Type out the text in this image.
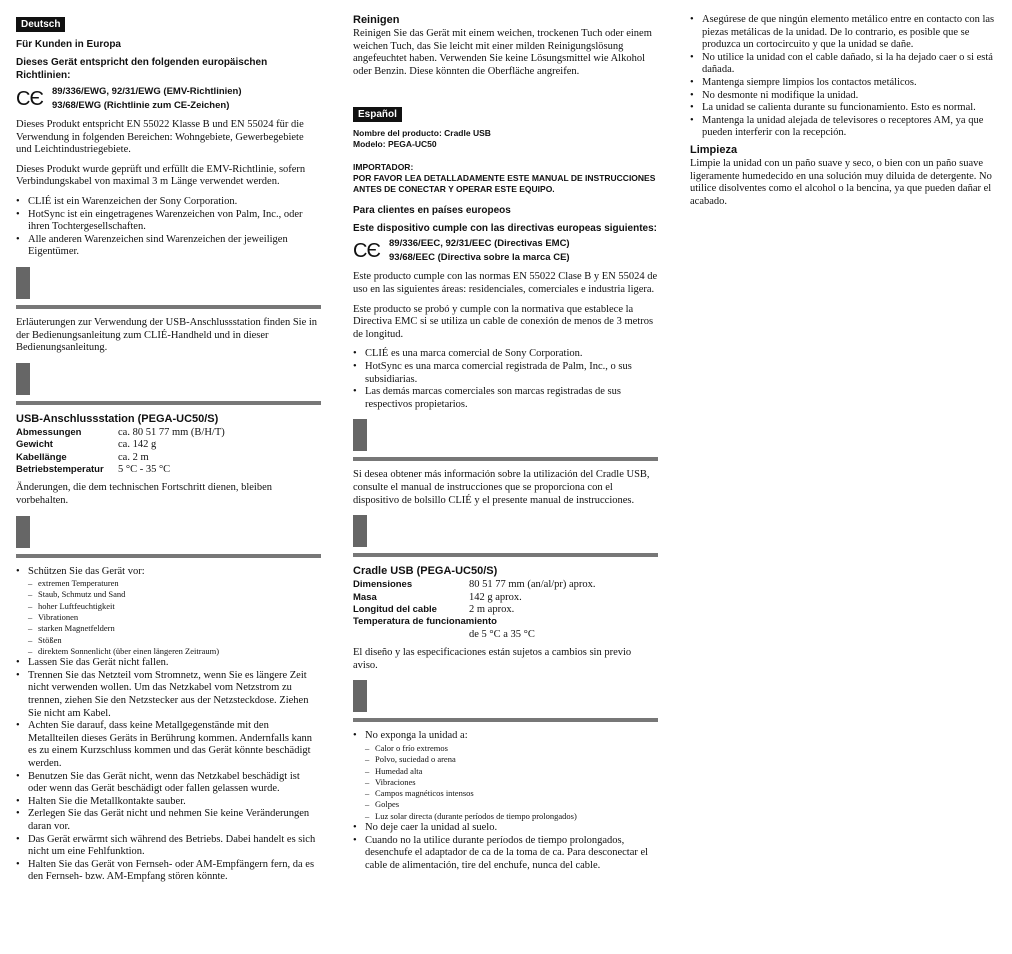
Deutsch
Für Kunden in Europa
Dieses Gerät entspricht den folgenden europäischen Richtlinien:
CЄ 89/336/EWG, 92/31/EWG (EMV-Richtlinien)
93/68/EWG (Richtlinie zum CE-Zeichen)

Dieses Produkt entspricht EN 55022 Klasse B und EN 55024 für die Verwendung in folgenden Bereichen: Wohngebiete, Gewerbegebiete und Leichtindustriegebiete.

Dieses Produkt wurde geprüft und erfüllt die EMV-Richtlinie, sofern Verbindungskabel von maximal 3 m Länge verwendet werden.

• CLIÉ ist ein Warenzeichen der Sony Corporation.
• HotSync ist ein eingetragenes Warenzeichen von Palm, Inc., oder ihren Tochtergesellschaften.
• Alle anderen Warenzeichen sind Warenzeichen der jeweiligen Eigentümer.

Erläuterungen zur Verwendung der USB-Anschlussstation finden Sie in der Bedienungsanleitung zum CLIÉ-Handheld und in dieser Bedienungsanleitung.

USB-Anschlussstation (PEGA-UC50/S)
Abmessungen	ca. 80 51 77 mm (B/H/T)
Gewicht	ca. 142 g
Kabellänge	ca. 2 m
Betriebstemperatur	5 °C - 35 °C

Änderungen, die dem technischen Fortschritt dienen, bleiben vorbehalten.

• Schützen Sie das Gerät vor:
– extremen Temperaturen
– Staub, Schmutz und Sand
– hoher Luftfeuchtigkeit
– Vibrationen
– starken Magnetfeldern
– Stößen
– direktem Sonnenlicht (über einen längeren Zeitraum)
• Lassen Sie das Gerät nicht fallen.
• Trennen Sie das Netzteil vom Stromnetz, wenn Sie es längere Zeit nicht verwenden wollen. Um das Netzkabel vom Netzstrom zu trennen, ziehen Sie den Netzstecker aus der Netzsteckdose. Ziehen Sie nicht am Kabel.
• Achten Sie darauf, dass keine Metallgegenstände mit den Metallteilen dieses Geräts in Berührung kommen. Andernfalls kann es zu einem Kurzschluss kommen und das Gerät könnte beschädigt werden.
• Benutzen Sie das Gerät nicht, wenn das Netzkabel beschädigt ist oder wenn das Gerät beschädigt oder fallen gelassen wurde.
• Halten Sie die Metallkontakte sauber.
• Zerlegen Sie das Gerät nicht und nehmen Sie keine Veränderungen daran vor.
• Das Gerät erwärmt sich während des Betriebs. Dabei handelt es sich nicht um eine Fehlfunktion.
• Halten Sie das Gerät von Fernseh- oder AM-Empfängern fern, da es den Fernseh- bzw. AM-Empfang stören könnte.
Reinigen

Reinigen Sie das Gerät mit einem weichen, trockenen Tuch oder einem weichen Tuch, das Sie leicht mit einer milden Reinigungslösung angefeuchtet haben. Verwenden Sie keine Lösungsmittel wie Alkohol oder Benzin. Diese könnten die Oberfläche angreifen.

Español
Nombre del producto: Cradle USB
Modelo: PEGA-UC50
IMPORTADOR:
POR FAVOR LEA DETALLADAMENTE ESTE MANUAL DE INSTRUCCIONES ANTES DE CONECTAR Y OPERAR ESTE EQUIPO.
Para clientes en países europeos
Este dispositivo cumple con las directivas europeas siguientes:
CЄ 89/336/EEC, 92/31/EEC (Directivas EMC)
93/68/EEC (Directiva sobre la marca CE)

Este producto cumple con las normas EN 55022 Clase B y EN 55024 de uso en las siguientes áreas: residenciales, comerciales e industria ligera.

Este producto se probó y cumple con la normativa que establece la Directiva EMC si se utiliza un cable de conexión de menos de 3 metros de longitud.

• CLIÉ es una marca comercial de Sony Corporation.
• HotSync es una marca comercial registrada de Palm, Inc., o sus subsidiarias.
• Las demás marcas comerciales son marcas registradas de sus respectivos propietarios.

Si desea obtener más información sobre la utilización del Cradle USB, consulte el manual de instrucciones que se proporciona con el dispositivo de bolsillo CLIÉ y el presente manual de instrucciones.

Cradle USB (PEGA-UC50/S)
Dimensiones	80 51 77 mm (an/al/pr) aprox.
Masa	142 g aprox.
Longitud del cable	2 m aprox.
Temperatura de funcionamiento
de 5 °C a 35 °C

El diseño y las especificaciones están sujetos a cambios sin previo aviso.

• No exponga la unidad a:
– Calor o frío extremos
– Polvo, suciedad o arena
– Humedad alta
– Vibraciones
– Campos magnéticos intensos
– Golpes
– Luz solar directa (durante períodos de tiempo prolongados)
• No deje caer la unidad al suelo.
• Cuando no la utilice durante períodos de tiempo prolongados, desenchufe el adaptador de ca de la toma de ca. Para desconectar el cable de alimentación, tire del enchufe, nunca del cable.
• Asegúrese de que ningún elemento metálico entre en contacto con las piezas metálicas de la unidad. De lo contrario, es posible que se produzca un cortocircuito y que la unidad se dañe.
• No utilice la unidad con el cable dañado, si la ha dejado caer o si está dañada.
• Mantenga siempre limpios los contactos metálicos.
• No desmonte ni modifique la unidad.
• La unidad se calienta durante su funcionamiento. Esto es normal.
• Mantenga la unidad alejada de televisores o receptores AM, ya que pueden interferir con la recepción.
Limpieza

Limpie la unidad con un paño suave y seco, o bien con un paño suave ligeramente humedecido en una solución muy diluida de detergente. No utilice disolventes como el alcohol o la bencina, ya que pueden dañar el acabado.
